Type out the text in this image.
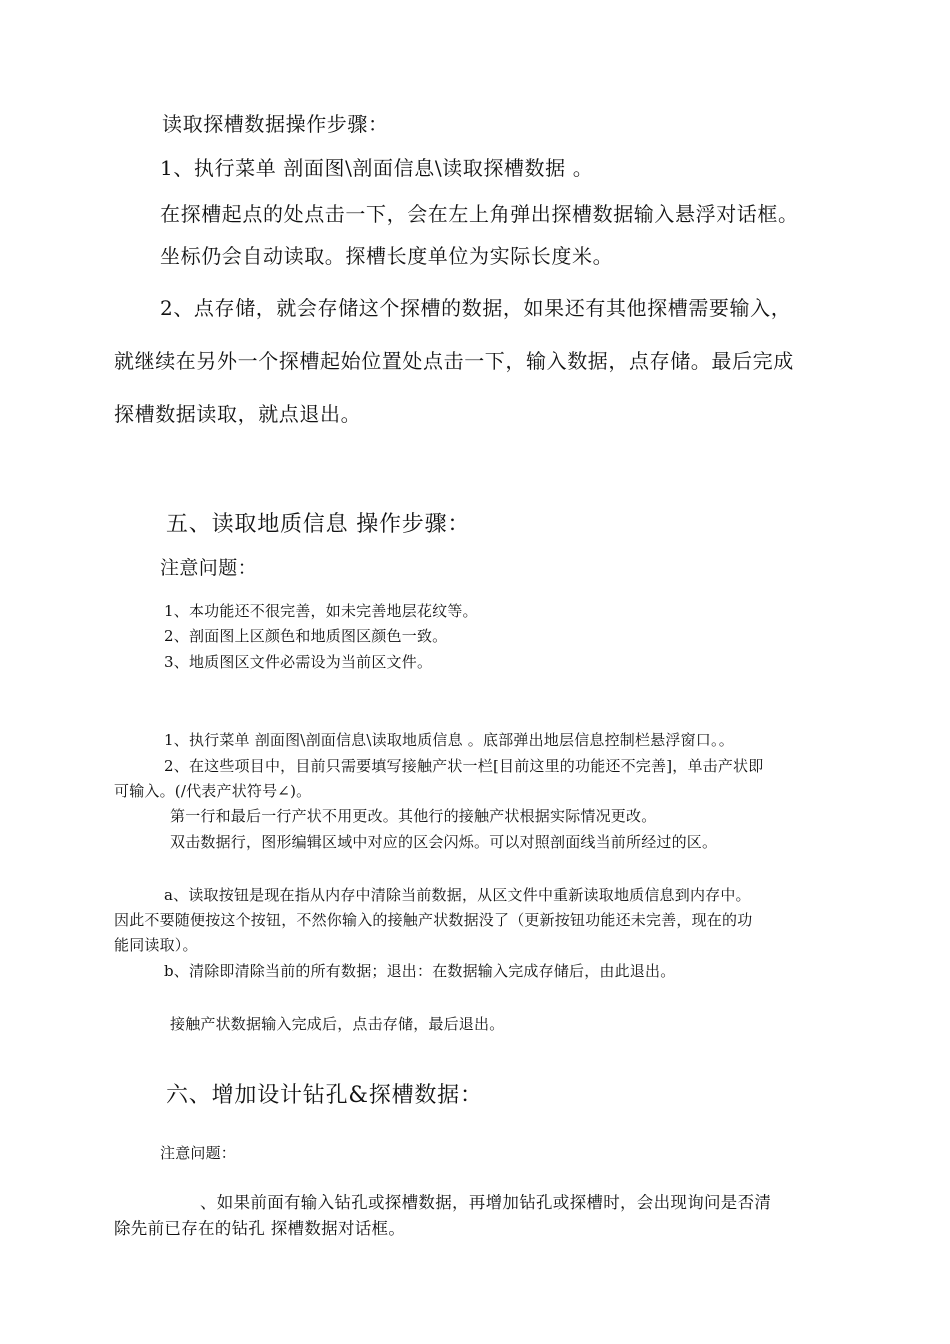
读取探槽数据操作步骤：

1、执行菜单 剖面图\剖面信息\读取探槽数据 。

在探槽起点的处点击一下，会在左上角弹出探槽数据输入悬浮对话框。

坐标仍会自动读取。探槽长度单位为实际长度米。

2、点存储，就会存储这个探槽的数据，如果还有其他探槽需要输入，

就继续在另外一个探槽起始位置处点击一下，输入数据，点存储。最后完成

探槽数据读取，就点退出。

五、读取地质信息 操作步骤：

注意问题：

1、本功能还不很完善，如未完善地层花纹等。

2、剖面图上区颜色和地质图区颜色一致。

3、地质图区文件必需设为当前区文件。

1、执行菜单 剖面图\剖面信息\读取地质信息 。底部弹出地层信息控制栏悬浮窗口。。

2、在这些项目中，目前只需要填写接触产状一栏[目前这里的功能还不完善]，单击产状即

可输入。(/代表产状符号∠)。

第一行和最后一行产状不用更改。其他行的接触产状根据实际情况更改。

双击数据行，图形编辑区域中对应的区会闪烁。可以对照剖面线当前所经过的区。

a、读取按钮是现在指从内存中清除当前数据，从区文件中重新读取地质信息到内存中。

因此不要随便按这个按钮，不然你输入的接触产状数据没了（更新按钮功能还未完善，现在的功

能同读取）。

b、清除即清除当前的所有数据；退出：在数据输入完成存储后，由此退出。

接触产状数据输入完成后，点击存储，最后退出。

六、增加设计钻孔&探槽数据：

注意问题：

、如果前面有输入钻孔或探槽数据，再增加钻孔或探槽时，会出现询问是否清

除先前已存在的钻孔 探槽数据对话框。
